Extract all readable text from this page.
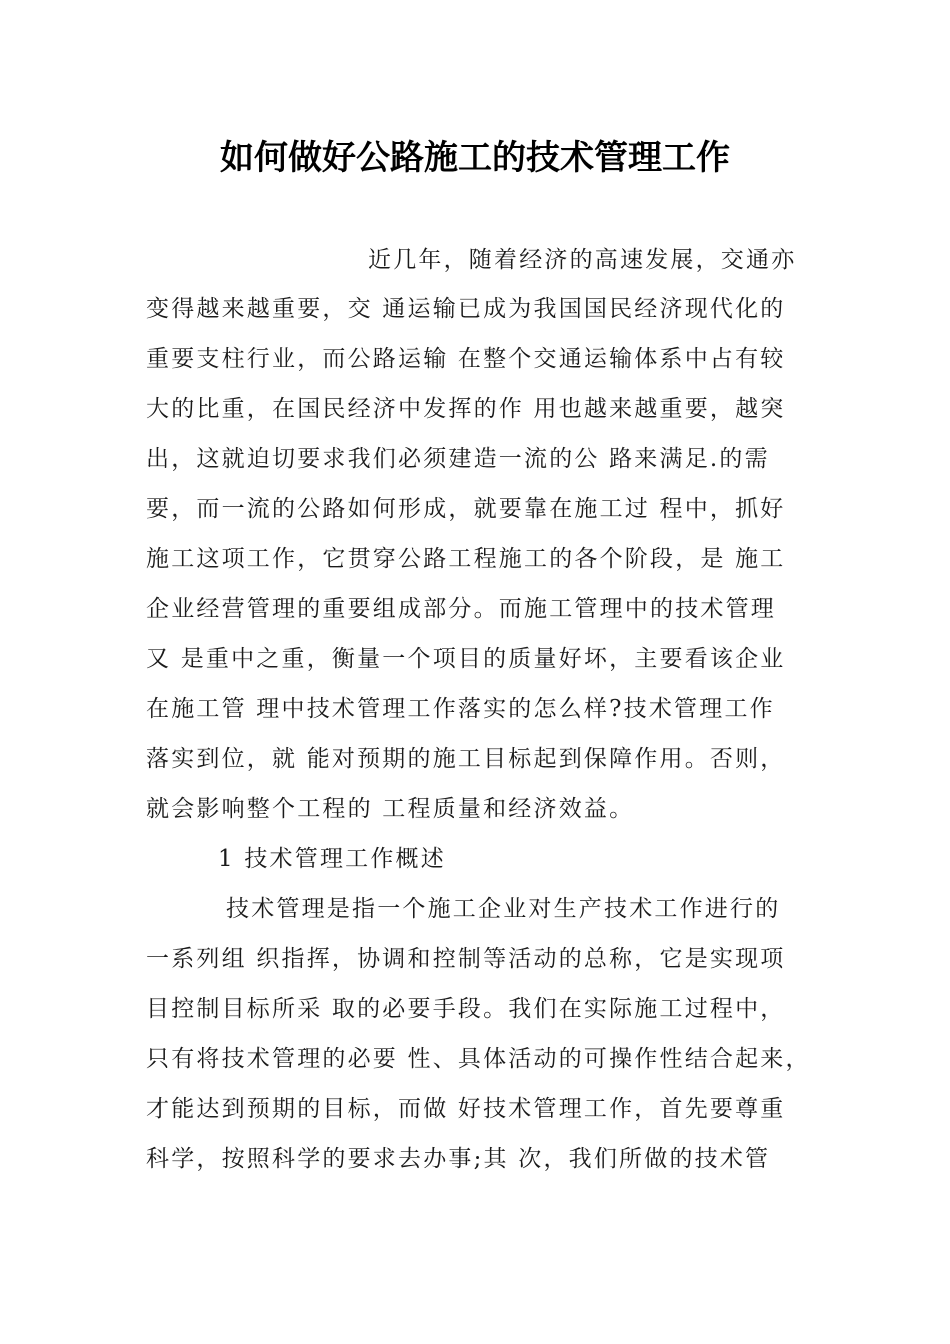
如何做好公路施工的技术管理工作
近几年，随着经济的高速发展，交通亦
变得越来越重要，交 通运输已成为我国国民经济现代化的
重要支柱行业，而公路运输 在整个交通运输体系中占有较
大的比重，在国民经济中发挥的作 用也越来越重要，越突
出，这就迫切要求我们必须建造一流的公 路来满足.的需
要，而一流的公路如何形成，就要靠在施工过 程中，抓好
施工这项工作，它贯穿公路工程施工的各个阶段，是 施工
企业经营管理的重要组成部分。而施工管理中的技术管理
又 是重中之重，衡量一个项目的质量好坏，主要看该企业
在施工管 理中技术管理工作落实的怎么样?技术管理工作
落实到位，就 能对预期的施工目标起到保障作用。否则，
就会影响整个工程的 工程质量和经济效益。
1 技术管理工作概述
技术管理是指一个施工企业对生产技术工作进行的
一系列组 织指挥，协调和控制等活动的总称，它是实现项
目控制目标所采 取的必要手段。我们在实际施工过程中，
只有将技术管理的必要 性、具体活动的可操作性结合起来，
才能达到预期的目标，而做 好技术管理工作，首先要尊重
科学，按照科学的要求去办事;其 次，我们所做的技术管
